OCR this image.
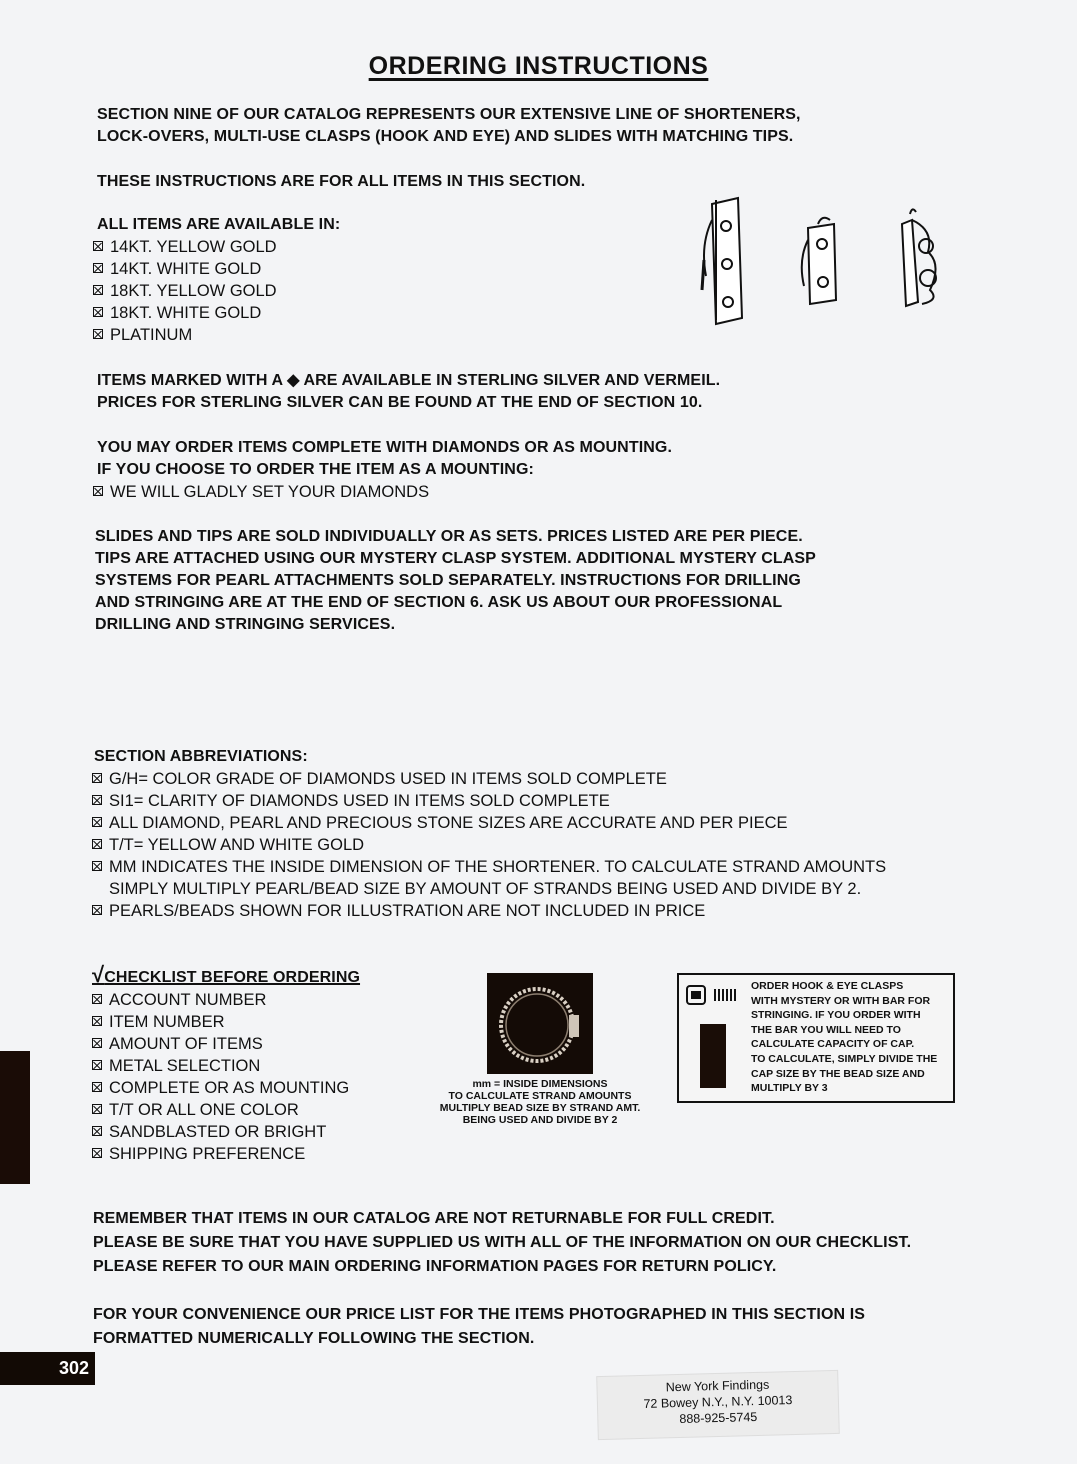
ORDERING INSTRUCTIONS
SECTION NINE OF OUR CATALOG REPRESENTS OUR EXTENSIVE LINE OF SHORTENERS,
LOCK-OVERS, MULTI-USE CLASPS (HOOK AND EYE) AND SLIDES WITH MATCHING TIPS.
THESE INSTRUCTIONS ARE FOR ALL ITEMS IN THIS SECTION.
ALL ITEMS ARE AVAILABLE IN:
14KT. YELLOW GOLD
14KT. WHITE GOLD
18KT. YELLOW GOLD
18KT. WHITE GOLD
PLATINUM
ITEMS MARKED WITH A ◆ ARE AVAILABLE IN STERLING SILVER AND VERMEIL.
PRICES FOR STERLING SILVER CAN BE FOUND AT THE END OF SECTION 10.
YOU MAY ORDER ITEMS COMPLETE WITH DIAMONDS OR AS MOUNTING.
IF YOU CHOOSE TO ORDER THE ITEM AS A MOUNTING:
WE WILL GLADLY SET YOUR DIAMONDS
SLIDES AND TIPS ARE SOLD INDIVIDUALLY OR AS SETS. PRICES LISTED ARE PER PIECE.
TIPS ARE ATTACHED USING OUR MYSTERY CLASP SYSTEM. ADDITIONAL MYSTERY CLASP
SYSTEMS FOR PEARL ATTACHMENTS SOLD SEPARATELY. INSTRUCTIONS FOR DRILLING
AND STRINGING ARE AT THE END OF SECTION 6. ASK US ABOUT OUR PROFESSIONAL
DRILLING AND STRINGING SERVICES.
SECTION ABBREVIATIONS:
G/H= COLOR GRADE OF DIAMONDS USED IN ITEMS SOLD COMPLETE
SI1= CLARITY OF DIAMONDS USED IN ITEMS SOLD COMPLETE
ALL DIAMOND, PEARL AND PRECIOUS STONE SIZES ARE ACCURATE AND PER PIECE
T/T= YELLOW AND WHITE GOLD
MM INDICATES THE INSIDE DIMENSION OF THE SHORTENER. TO CALCULATE STRAND AMOUNTS
SIMPLY MULTIPLY PEARL/BEAD SIZE BY AMOUNT OF STRANDS BEING USED AND DIVIDE BY 2.
PEARLS/BEADS SHOWN FOR ILLUSTRATION ARE NOT INCLUDED IN PRICE
√CHECKLIST BEFORE ORDERING
ACCOUNT NUMBER
ITEM NUMBER
AMOUNT OF ITEMS
METAL SELECTION
COMPLETE OR AS MOUNTING
T/T OR ALL ONE COLOR
SANDBLASTED OR BRIGHT
SHIPPING PREFERENCE
mm = INSIDE DIMENSIONS
TO CALCULATE STRAND AMOUNTS
MULTIPLY BEAD SIZE BY STRAND AMT.
BEING USED AND DIVIDE BY 2
ORDER HOOK & EYE CLASPS
WITH MYSTERY OR WITH BAR FOR
STRINGING. IF YOU ORDER WITH
THE BAR YOU WILL NEED TO
CALCULATE CAPACITY OF CAP.
TO CALCULATE, SIMPLY DIVIDE THE
CAP SIZE BY THE BEAD SIZE AND
MULTIPLY BY 3
REMEMBER THAT ITEMS IN OUR CATALOG ARE NOT RETURNABLE FOR FULL CREDIT.
PLEASE BE SURE THAT YOU HAVE SUPPLIED US WITH ALL OF THE INFORMATION ON OUR CHECKLIST.
PLEASE REFER TO OUR MAIN ORDERING INFORMATION PAGES FOR RETURN POLICY.
FOR YOUR CONVENIENCE OUR PRICE LIST FOR THE ITEMS PHOTOGRAPHED IN THIS SECTION IS
FORMATTED NUMERICALLY FOLLOWING THE SECTION.
302
New York Findings
72 Bowey N.Y., N.Y. 10013
888-925-5745
